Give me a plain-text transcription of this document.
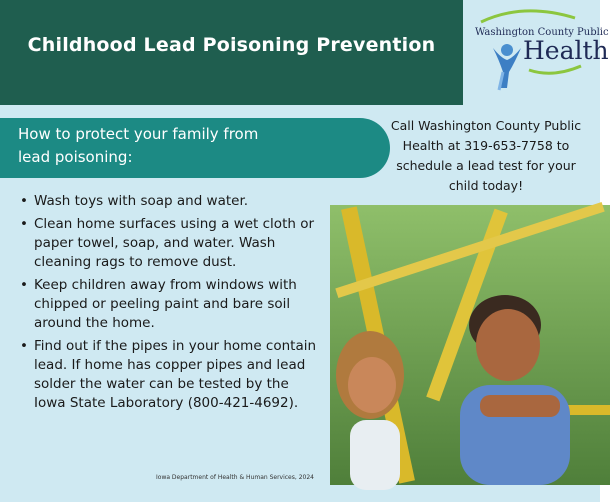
Childhood Lead Poisoning Prevention
Washington County Public
Health
How to protect your family from
lead poisoning:
Call Washington County Public
Health at 319-653-7758 to
schedule a lead test for your
child today!
• Wash toys with soap and water.
• Clean home surfaces using a wet cloth or paper towel, soap, and water. Wash cleaning rags to remove dust.
• Keep children away from windows with chipped or peeling paint and bare soil around the home.
• Find out if the pipes in your home contain lead. If home has copper pipes and lead solder the water can be tested by the Iowa State Laboratory (800-421-4692).
Iowa Department of Health & Human Services, 2024
